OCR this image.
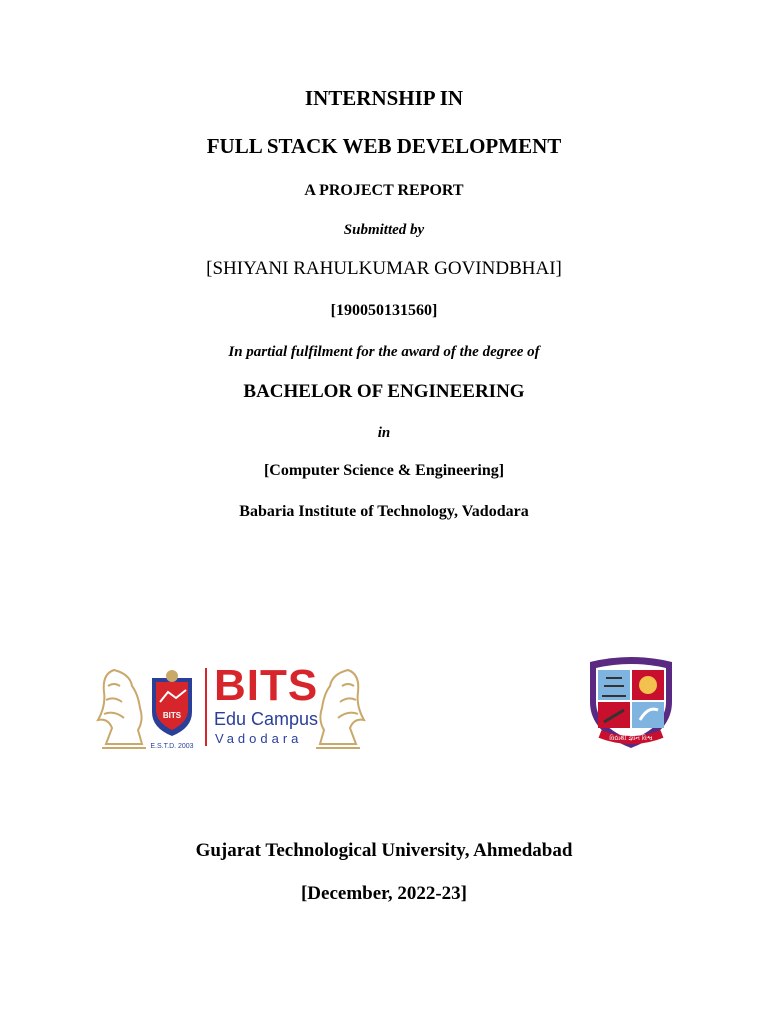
INTERNSHIP IN
FULL STACK WEB DEVELOPMENT
A PROJECT REPORT
Submitted by
[SHIYANI RAHULKUMAR GOVINDBHAI]
[190050131560]
In partial fulfilment for the award of the degree of
BACHELOR OF ENGINEERING
in
[Computer Science & Engineering]
Babaria Institute of Technology, Vadodara
BITS
E.S.T.D. 2003
BITS
Edu Campus
Vadodara	વિદ્યાર્થી જ્ઞાન વિશ્વ
Gujarat Technological University, Ahmedabad
[December, 2022-23]
